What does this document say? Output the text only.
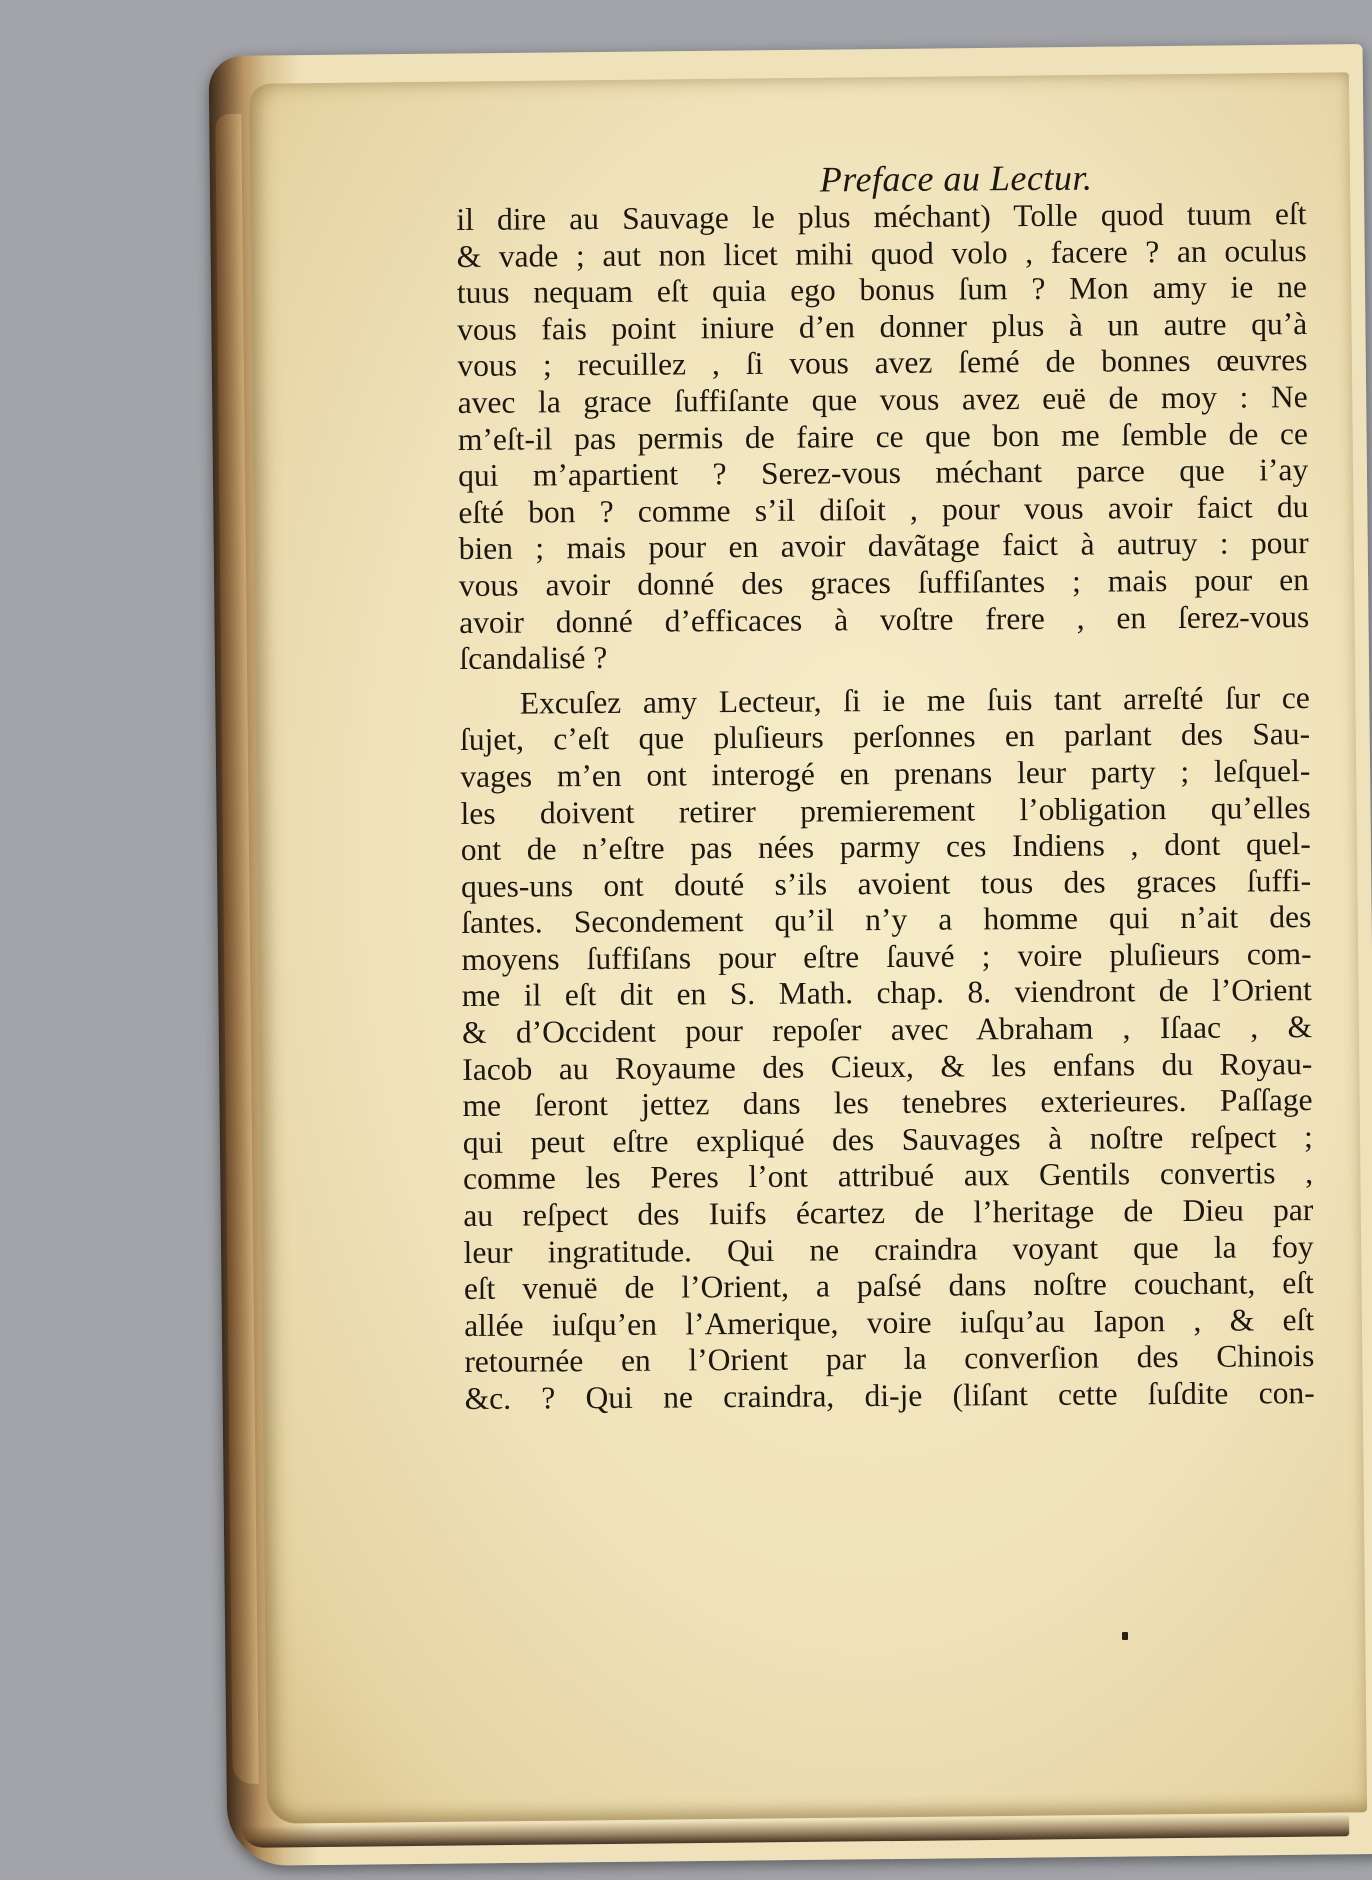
Preface au Lectur.
il dire au Sauvage le plus méchant) Tolle quod tuum eſt
& vade ; aut non licet mihi quod volo , facere ? an oculus
tuus nequam eſt quia ego bonus ſum ? Mon amy ie ne
vous fais point iniure d’en donner plus à un autre qu’à
vous ; recuillez , ſi vous avez ſemé de bonnes œuvres
avec la grace ſuffiſante que vous avez euë de moy : Ne
m’eſt-il pas permis de faire ce que bon me ſemble de ce
qui m’apartient ? Serez-vous méchant parce que i’ay
eſté bon ? comme s’il diſoit , pour vous avoir faict du
bien ; mais pour en avoir davãtage faict à autruy : pour
vous avoir donné des graces ſuffiſantes ; mais pour en
avoir donné d’efficaces à voſtre frere , en ſerez-vous
ſcandalisé ?
Excuſez amy Lecteur, ſi ie me ſuis tant arreſté ſur ce
ſujet, c’eſt que pluſieurs perſonnes en parlant des Sau-
vages m’en ont interogé en prenans leur party ; leſquel-
les doivent retirer premierement l’obligation qu’elles
ont de n’eſtre pas nées parmy ces Indiens , dont quel-
ques-uns ont douté s’ils avoient tous des graces ſuffi-
ſantes. Secondement qu’il n’y a homme qui n’ait des
moyens ſuffiſans pour eſtre ſauvé ; voire pluſieurs com-
me il eſt dit en S. Math. chap. 8. viendront de l’Orient
& d’Occident pour repoſer avec Abraham , Iſaac , &
Iacob au Royaume des Cieux, & les enfans du Royau-
me ſeront jettez dans les tenebres exterieures. Paſſage
qui peut eſtre expliqué des Sauvages à noſtre reſpect ;
comme les Peres l’ont attribué aux Gentils convertis ,
au reſpect des Iuifs écartez de l’heritage de Dieu par
leur ingratitude. Qui ne craindra voyant que la foy
eſt venuë de l’Orient, a paſsé dans noſtre couchant, eſt
allée iuſqu’en l’Amerique, voire iuſqu’au Iapon , & eſt
retournée en l’Orient par la converſion des Chinois
&c. ? Qui ne craindra, di-je (liſant cette ſuſdite con-
